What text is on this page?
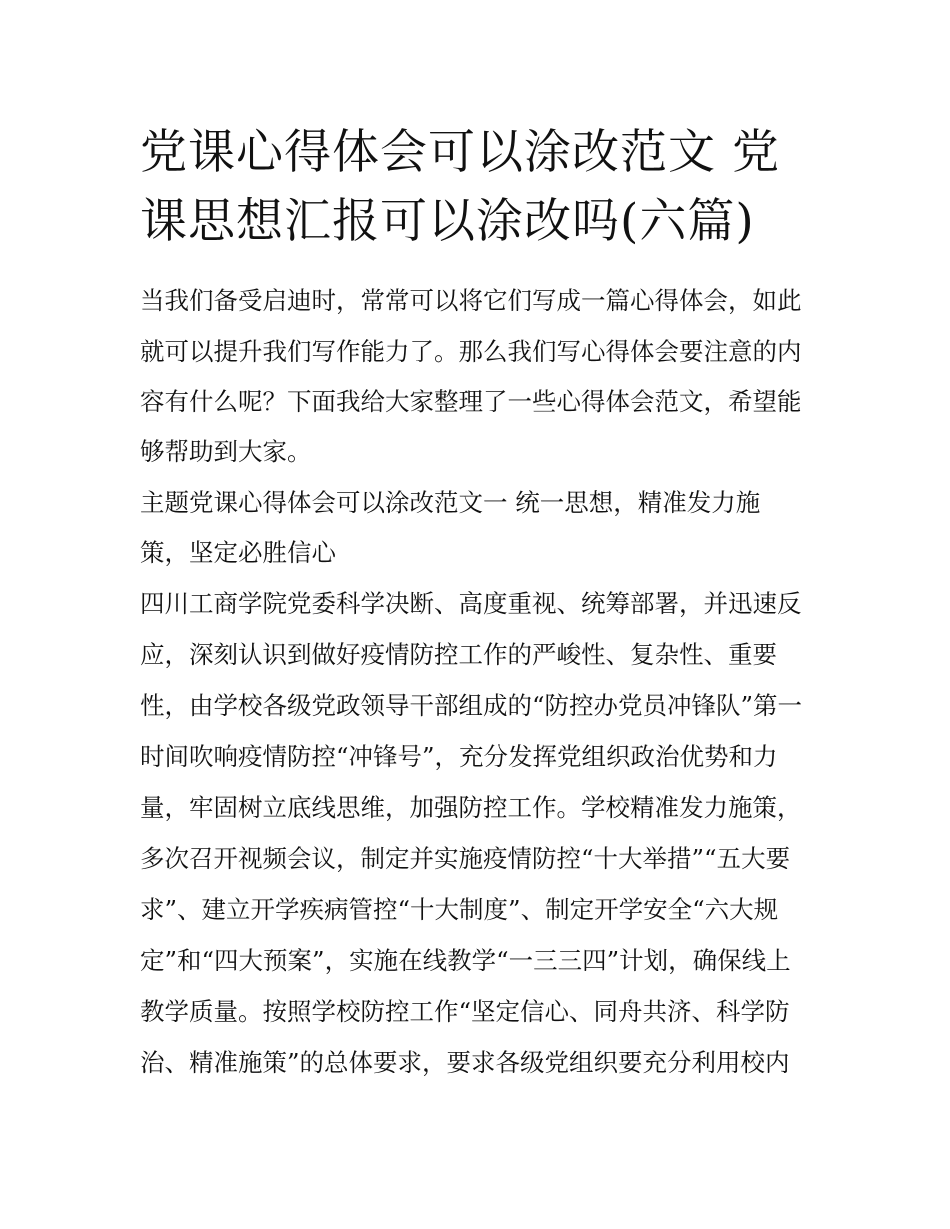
党课心得体会可以涂改范文 党课思想汇报可以涂改吗(六篇)

当我们备受启迪时，常常可以将它们写成一篇心得体会，如此

就可以提升我们写作能力了。那么我们写心得体会要注意的内

容有什么呢？下面我给大家整理了一些心得体会范文，希望能

够帮助到大家。

主题党课心得体会可以涂改范文一 统一思想，精准发力施

策，坚定必胜信心

四川工商学院党委科学决断、高度重视、统筹部署，并迅速反

应，深刻认识到做好疫情防控工作的严峻性、复杂性、重要

性，由学校各级党政领导干部组成的“防控办党员冲锋队”第一

时间吹响疫情防控“冲锋号”，充分发挥党组织政治优势和力

量，牢固树立底线思维，加强防控工作。学校精准发力施策，

多次召开视频会议，制定并实施疫情防控“十大举措”“五大要

求”、建立开学疾病管控“十大制度”、制定开学安全“六大规

定”和“四大预案”，实施在线教学“一三三四”计划，确保线上

教学质量。按照学校防控工作“坚定信心、同舟共济、科学防

治、精准施策”的总体要求，要求各级党组织要充分利用校内
